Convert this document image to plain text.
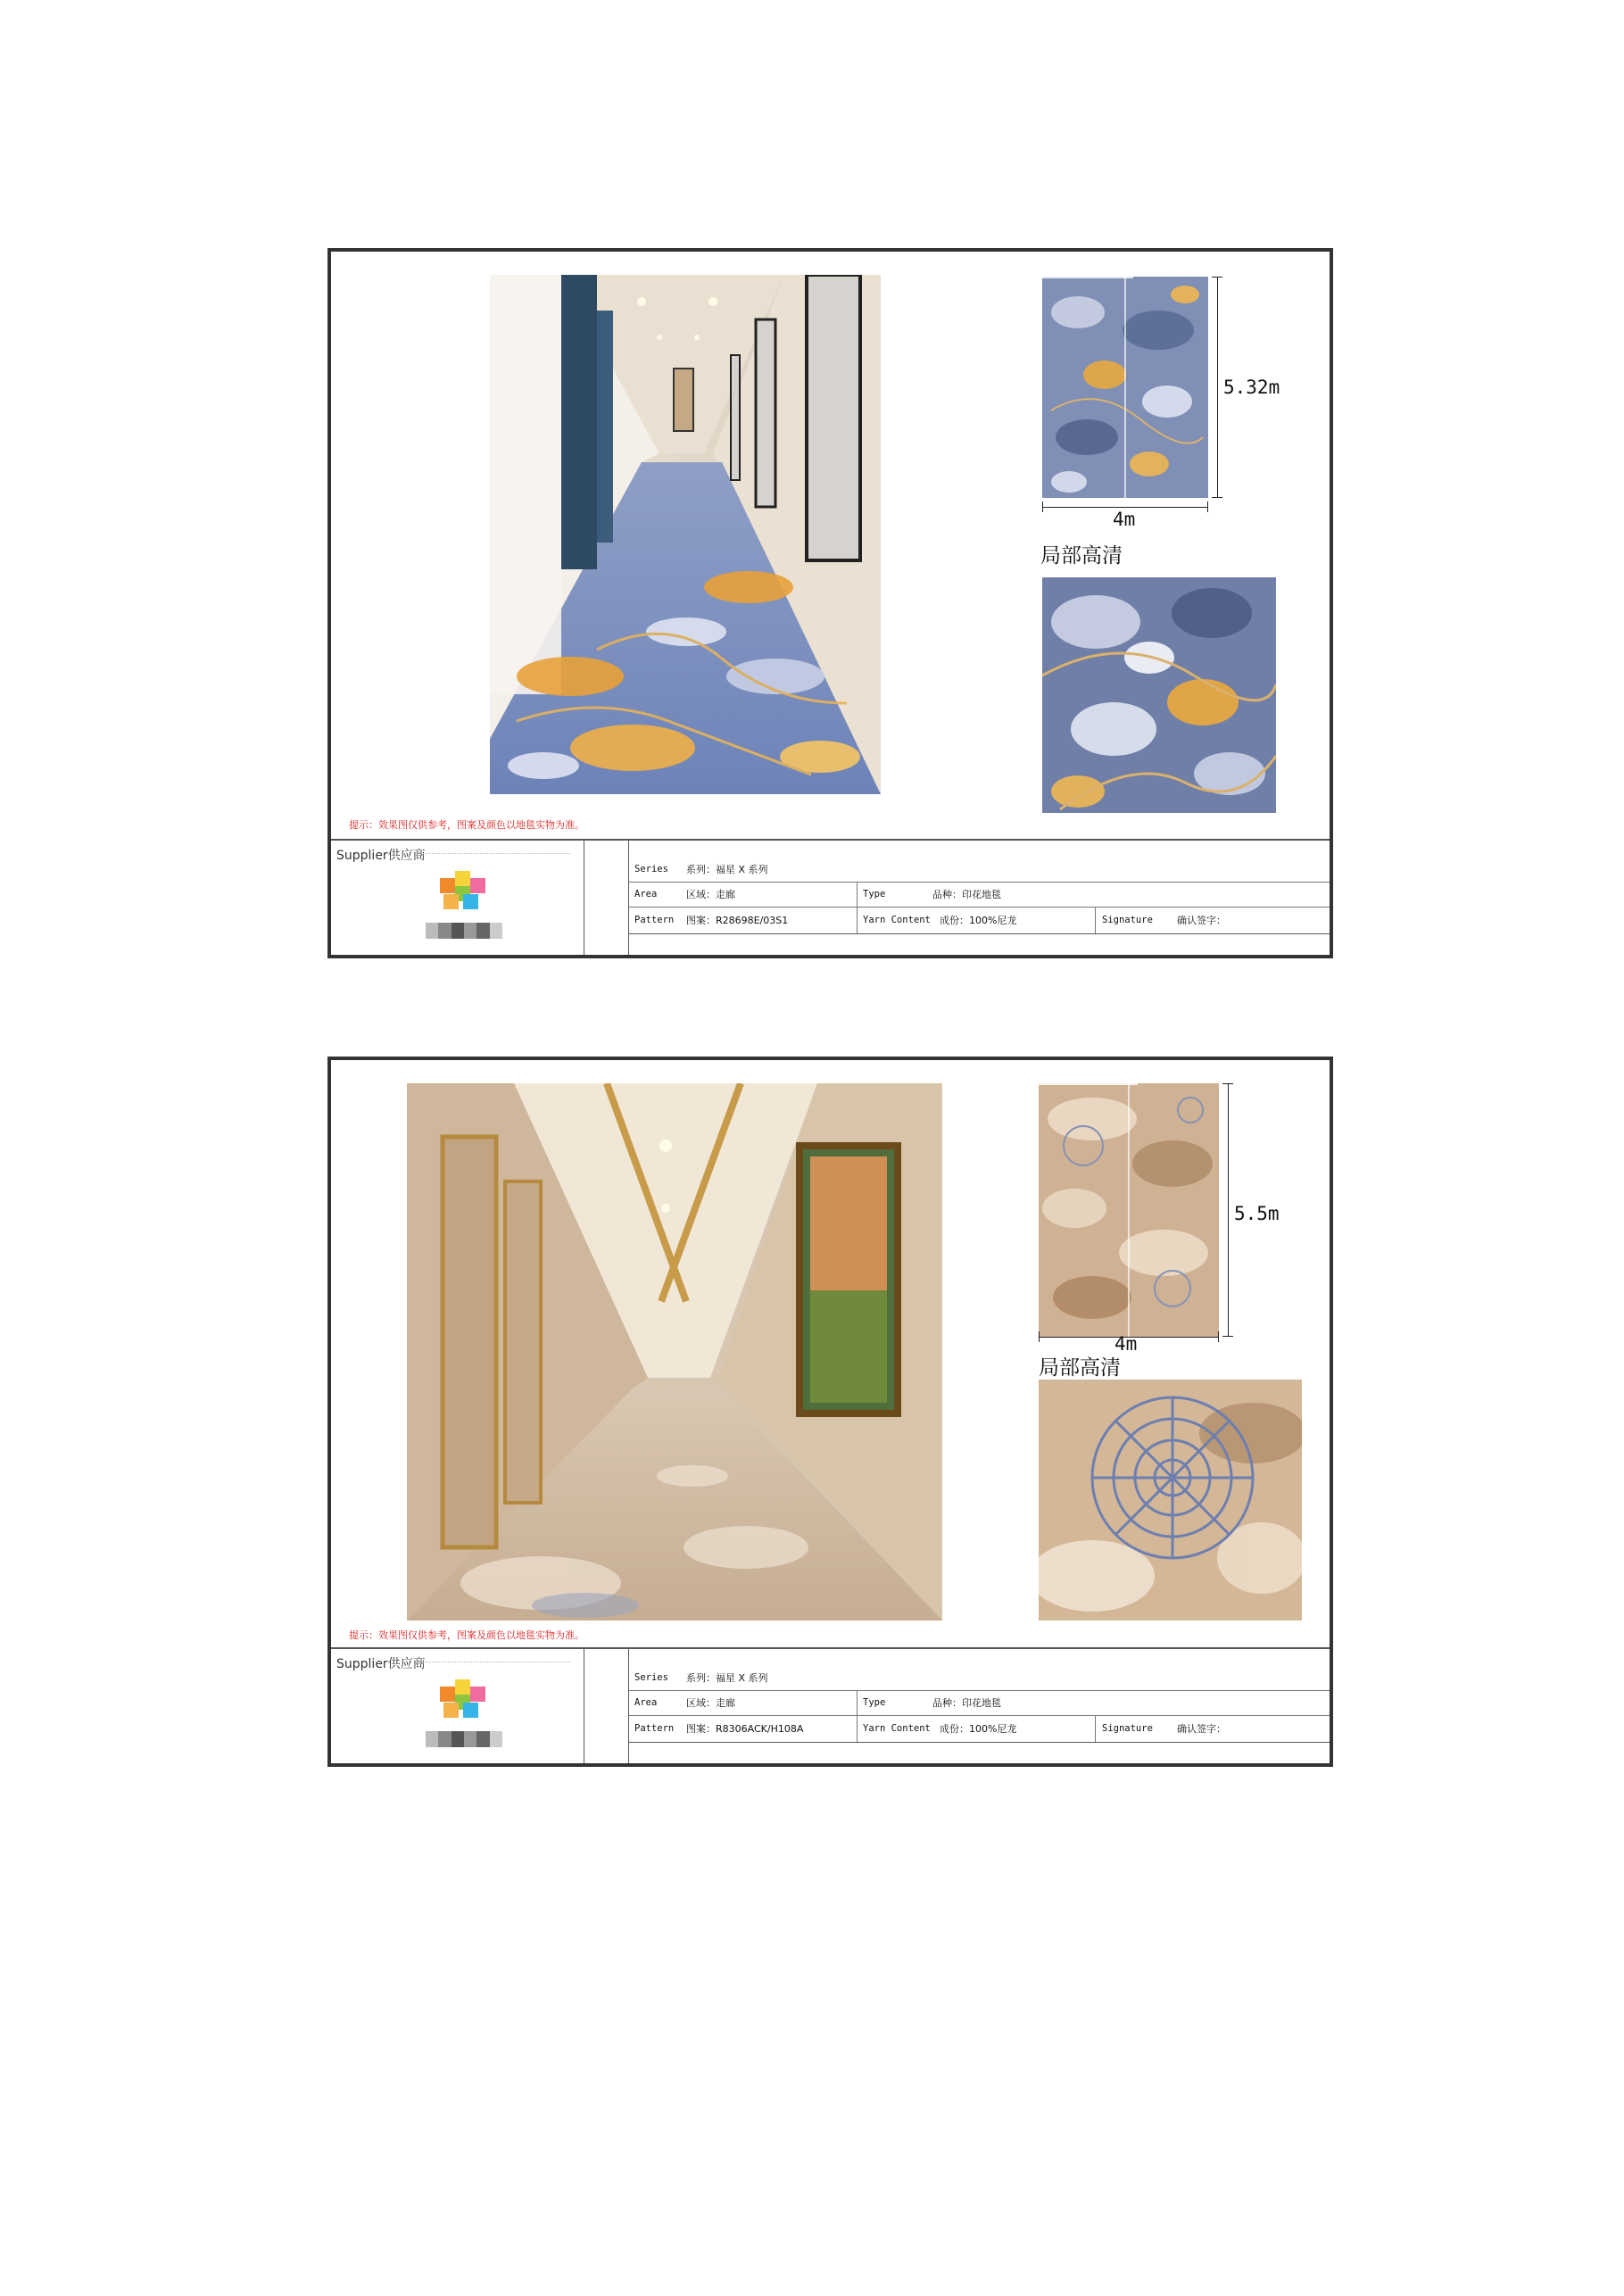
5.32m
4m
局部高清
提示：效果图仅供参考，图案及颜色以地毯实物为准。
Supplier供应商
Series 系列：福星 X 系列
Area	区域：走廊	Type	品种：印花地毯
Pattern 图案：R28698E/03S1	Yarn Content 成份：100%尼龙	Signature 确认签字：
5.5m
4m
局部高清
提示：效果图仅供参考，图案及颜色以地毯实物为准。
Supplier供应商
Series 系列：福星 X 系列
Area	区域：走廊	Type	品种：印花地毯
Pattern 图案：R8306ACK/H108A	Yarn Content 成份：100%尼龙	Signature 确认签字：
